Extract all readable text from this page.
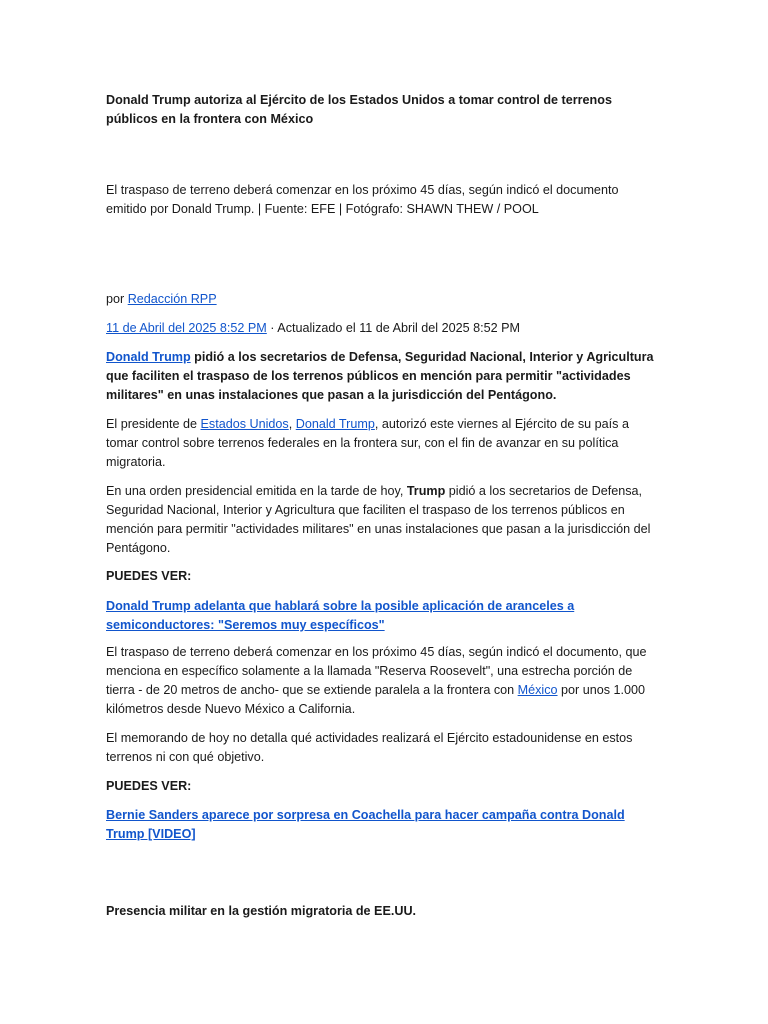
Donald Trump autoriza al Ejército de los Estados Unidos a tomar control de terrenos públicos en la frontera con México

El traspaso de terreno deberá comenzar en los próximo 45 días, según indicó el documento emitido por Donald Trump. | Fuente: EFE | Fotógrafo: SHAWN THEW / POOL

por Redacción RPP

11 de Abril del 2025 8:52 PM · Actualizado el 11 de Abril del 2025 8:52 PM

Donald Trump pidió a los secretarios de Defensa, Seguridad Nacional, Interior y Agricultura que faciliten el traspaso de los terrenos públicos en mención para permitir "actividades militares" en unas instalaciones que pasan a la jurisdicción del Pentágono.

El presidente de Estados Unidos, Donald Trump, autorizó este viernes al Ejército de su país a tomar control sobre terrenos federales en la frontera sur, con el fin de avanzar en su política migratoria.

En una orden presidencial emitida en la tarde de hoy, Trump pidió a los secretarios de Defensa, Seguridad Nacional, Interior y Agricultura que faciliten el traspaso de los terrenos públicos en mención para permitir "actividades militares" en unas instalaciones que pasan a la jurisdicción del Pentágono.

PUEDES VER:

Donald Trump adelanta que hablará sobre la posible aplicación de aranceles a semiconductores: "Seremos muy específicos"

El traspaso de terreno deberá comenzar en los próximo 45 días, según indicó el documento, que menciona en específico solamente a la llamada "Reserva Roosevelt", una estrecha porción de tierra - de 20 metros de ancho- que se extiende paralela a la frontera con México por unos 1.000 kilómetros desde Nuevo México a California.

El memorando de hoy no detalla qué actividades realizará el Ejército estadounidense en estos terrenos ni con qué objetivo.

PUEDES VER:

Bernie Sanders aparece por sorpresa en Coachella para hacer campaña contra Donald Trump [VIDEO]

Presencia militar en la gestión migratoria de EE.UU.
